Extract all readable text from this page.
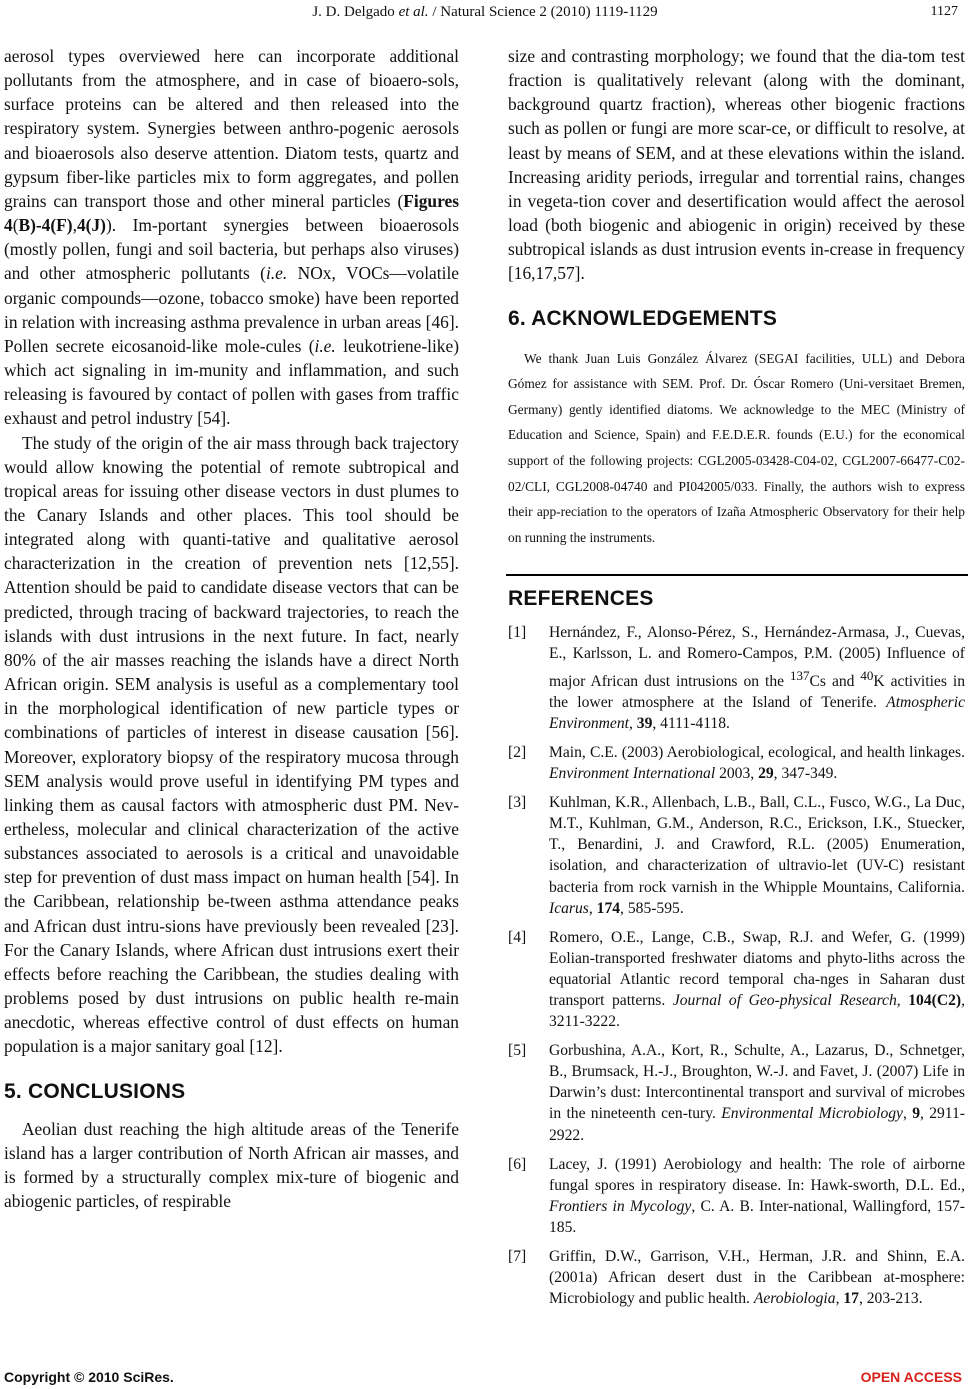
J. D. Delgado et al. / Natural Science 2 (2010) 1119-1129	1127

aerosol types overviewed here can incorporate additional pollutants from the atmosphere, and in case of bioaero-sols, surface proteins can be altered and then released into the respiratory system. Synergies between anthro-pogenic aerosols and bioaerosols also deserve attention. Diatom tests, quartz and gypsum fiber-like particles mix to form aggregates, and pollen grains can transport those and other mineral particles (Figures 4(B)-4(F),4(J)). Im-portant synergies between bioaerosols (mostly pollen, fungi and soil bacteria, but perhaps also viruses) and other atmospheric pollutants (i.e. NOx, VOCs—volatile organic compounds—ozone, tobacco smoke) have been reported in relation with increasing asthma prevalence in urban areas [46]. Pollen secrete eicosanoid-like mole-cules (i.e. leukotriene-like) which act signaling in im-munity and inflammation, and such releasing is favoured by contact of pollen with gases from traffic exhaust and petrol industry [54].

The study of the origin of the air mass through back trajectory would allow knowing the potential of remote subtropical and tropical areas for issuing other disease vectors in dust plumes to the Canary Islands and other places. This tool should be integrated along with quanti-tative and qualitative aerosol characterization in the creation of prevention nets [12,55]. Attention should be paid to candidate disease vectors that can be predicted, through tracing of backward trajectories, to reach the islands with dust intrusions in the next future. In fact, nearly 80% of the air masses reaching the islands have a direct North African origin. SEM analysis is useful as a complementary tool in the morphological identification of new particle types or combinations of particles of interest in disease causation [56]. Moreover, exploratory biopsy of the respiratory mucosa through SEM analysis would prove useful in identifying PM types and linking them as causal factors with atmospheric dust PM. Nev-ertheless, molecular and clinical characterization of the active substances associated to aerosols is a critical and unavoidable step for prevention of dust mass impact on human health [54]. In the Caribbean, relationship be-tween asthma attendance peaks and African dust intru-sions have previously been revealed [23]. For the Canary Islands, where African dust intrusions exert their effects before reaching the Caribbean, the studies dealing with problems posed by dust intrusions on public health re-main anecdotic, whereas effective control of dust effects on human population is a major sanitary goal [12].

5. CONCLUSIONS

Aeolian dust reaching the high altitude areas of the Tenerife island has a larger contribution of North African air masses, and is formed by a structurally complex mix-ture of biogenic and abiogenic particles, of respirable

size and contrasting morphology; we found that the dia-tom test fraction is qualitatively relevant (along with the dominant, background quartz fraction), whereas other biogenic fractions such as pollen or fungi are more scar-ce, or difficult to resolve, at least by means of SEM, and at these elevations within the island. Increasing aridity periods, irregular and torrential rains, changes in vegeta-tion cover and desertification would affect the aerosol load (both biogenic and abiogenic in origin) received by these subtropical islands as dust intrusion events in-crease in frequency [16,17,57].

6. ACKNOWLEDGEMENTS

We thank Juan Luis González Álvarez (SEGAI facilities, ULL) and Debora Gómez for assistance with SEM. Prof. Dr. Óscar Romero (Uni-versitaet Bremen, Germany) gently identified diatoms. We acknowledge to the MEC (Ministry of Education and Science, Spain) and F.E.D.E.R. founds (E.U.) for the economical support of the following projects: CGL2005-03428-C04-02, CGL2007-66477-C02-02/CLI, CGL2008-04740 and PI042005/033. Finally, the authors wish to express their app-reciation to the operators of Izaña Atmospheric Observatory for their help on running the instruments.

REFERENCES
[1]	Hernández, F., Alonso-Pérez, S., Hernández-Armasa, J., Cuevas, E., Karlsson, L. and Romero-Campos, P.M. (2005) Influence of major African dust intrusions on the $^{137}$Cs and $^{40}$K activities in the lower atmosphere at the Island of Tenerife. Atmospheric Environment, 39, 4111-4118.
[2]	Main, C.E. (2003) Aerobiological, ecological, and health linkages. Environment International 2003, 29, 347-349.
[3]	Kuhlman, K.R., Allenbach, L.B., Ball, C.L., Fusco, W.G., La Duc, M.T., Kuhlman, G.M., Anderson, R.C., Erickson, I.K., Stuecker, T., Benardini, J. and Crawford, R.L. (2005) Enumeration, isolation, and characterization of ultravio-let (UV-C) resistant bacteria from rock varnish in the Whipple Mountains, California. Icarus, 174, 585-595.
[4]	Romero, O.E., Lange, C.B., Swap, R.J. and Wefer, G. (1999) Eolian-transported freshwater diatoms and phyto-liths across the equatorial Atlantic record temporal cha-nges in Saharan dust transport patterns. Journal of Geo-physical Research, 104(C2), 3211-3222.
[5]	Gorbushina, A.A., Kort, R., Schulte, A., Lazarus, D., Schnetger, B., Brumsack, H.-J., Broughton, W.-J. and Favet, J. (2007) Life in Darwin’s dust: Intercontinental transport and survival of microbes in the nineteenth cen-tury. Environmental Microbiology, 9, 2911-2922.
[6]	Lacey, J. (1991) Aerobiology and health: The role of airborne fungal spores in respiratory disease. In: Hawk-sworth, D.L. Ed., Frontiers in Mycology, C. A. B. Inter-national, Wallingford, 157-185.
[7]	Griffin, D.W., Garrison, V.H., Herman, J.R. and Shinn, E.A. (2001a) African desert dust in the Caribbean at-mosphere: Microbiology and public health. Aerobiologia, 17, 203-213.
Copyright © 2010 SciRes.	OPEN ACCESS
